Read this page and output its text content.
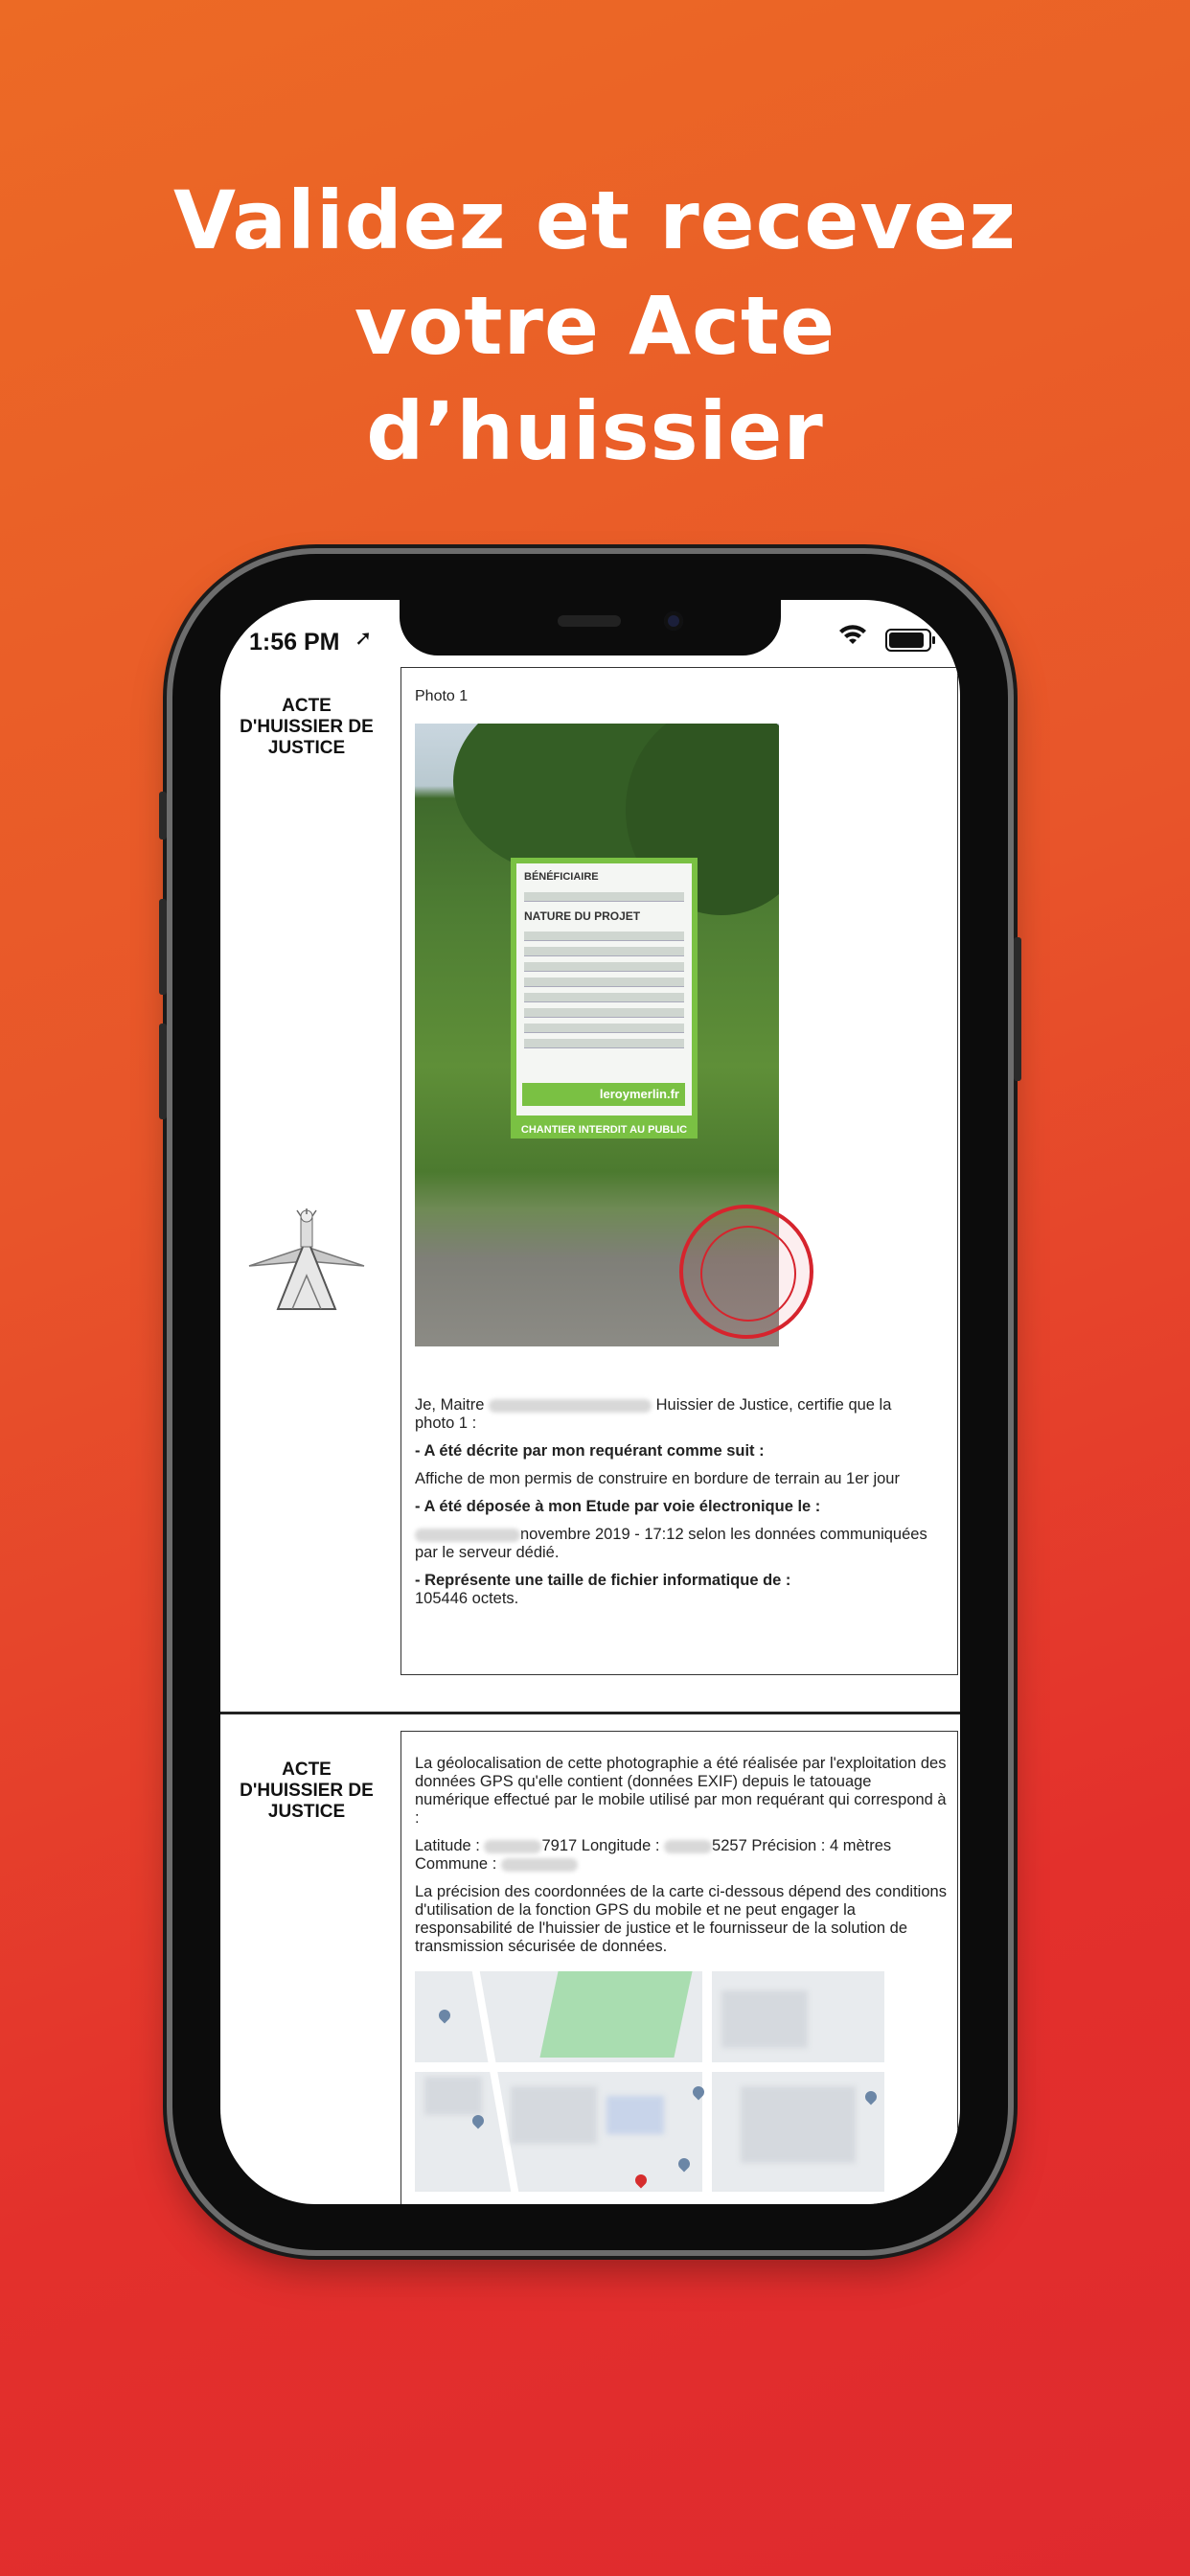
Validez et recevez
votre Acte
d’huissier
1:56 PM ➚
ACTE
D'HUISSIER DE
JUSTICE
Photo 1
BÉNÉFICIAIRE
NATURE DU PROJET
leroymerlin.fr
CHANTIER INTERDIT AU PUBLIC

Je, Maitre	Huissier de Justice, certifie que la
photo 1 :

- A été décrite par mon requérant comme suit :

Affiche de mon permis de construire en bordure de terrain au 1er jour

- A été déposée à mon Etude par voie électronique le :

novembre 2019 - 17:12 selon les données communiquées
par le serveur dédié.

- Représente une taille de fichier informatique de :

105446 octets.

ACTE
D'HUISSIER DE
JUSTICE

La géolocalisation de cette photographie a été réalisée par l'exploitation des données GPS qu'elle contient (données EXIF) depuis le tatouage numérique effectué par le mobile utilisé par mon requérant qui correspond à :

Latitude :	7917 Longitude :	5257 Précision : 4 mètres
Commune :

La précision des coordonnées de la carte ci-dessous dépend des conditions d'utilisation de la fonction GPS du mobile et ne peut engager la responsabilité de l'huissier de justice et le fournisseur de la solution de transmission sécurisée de données.
